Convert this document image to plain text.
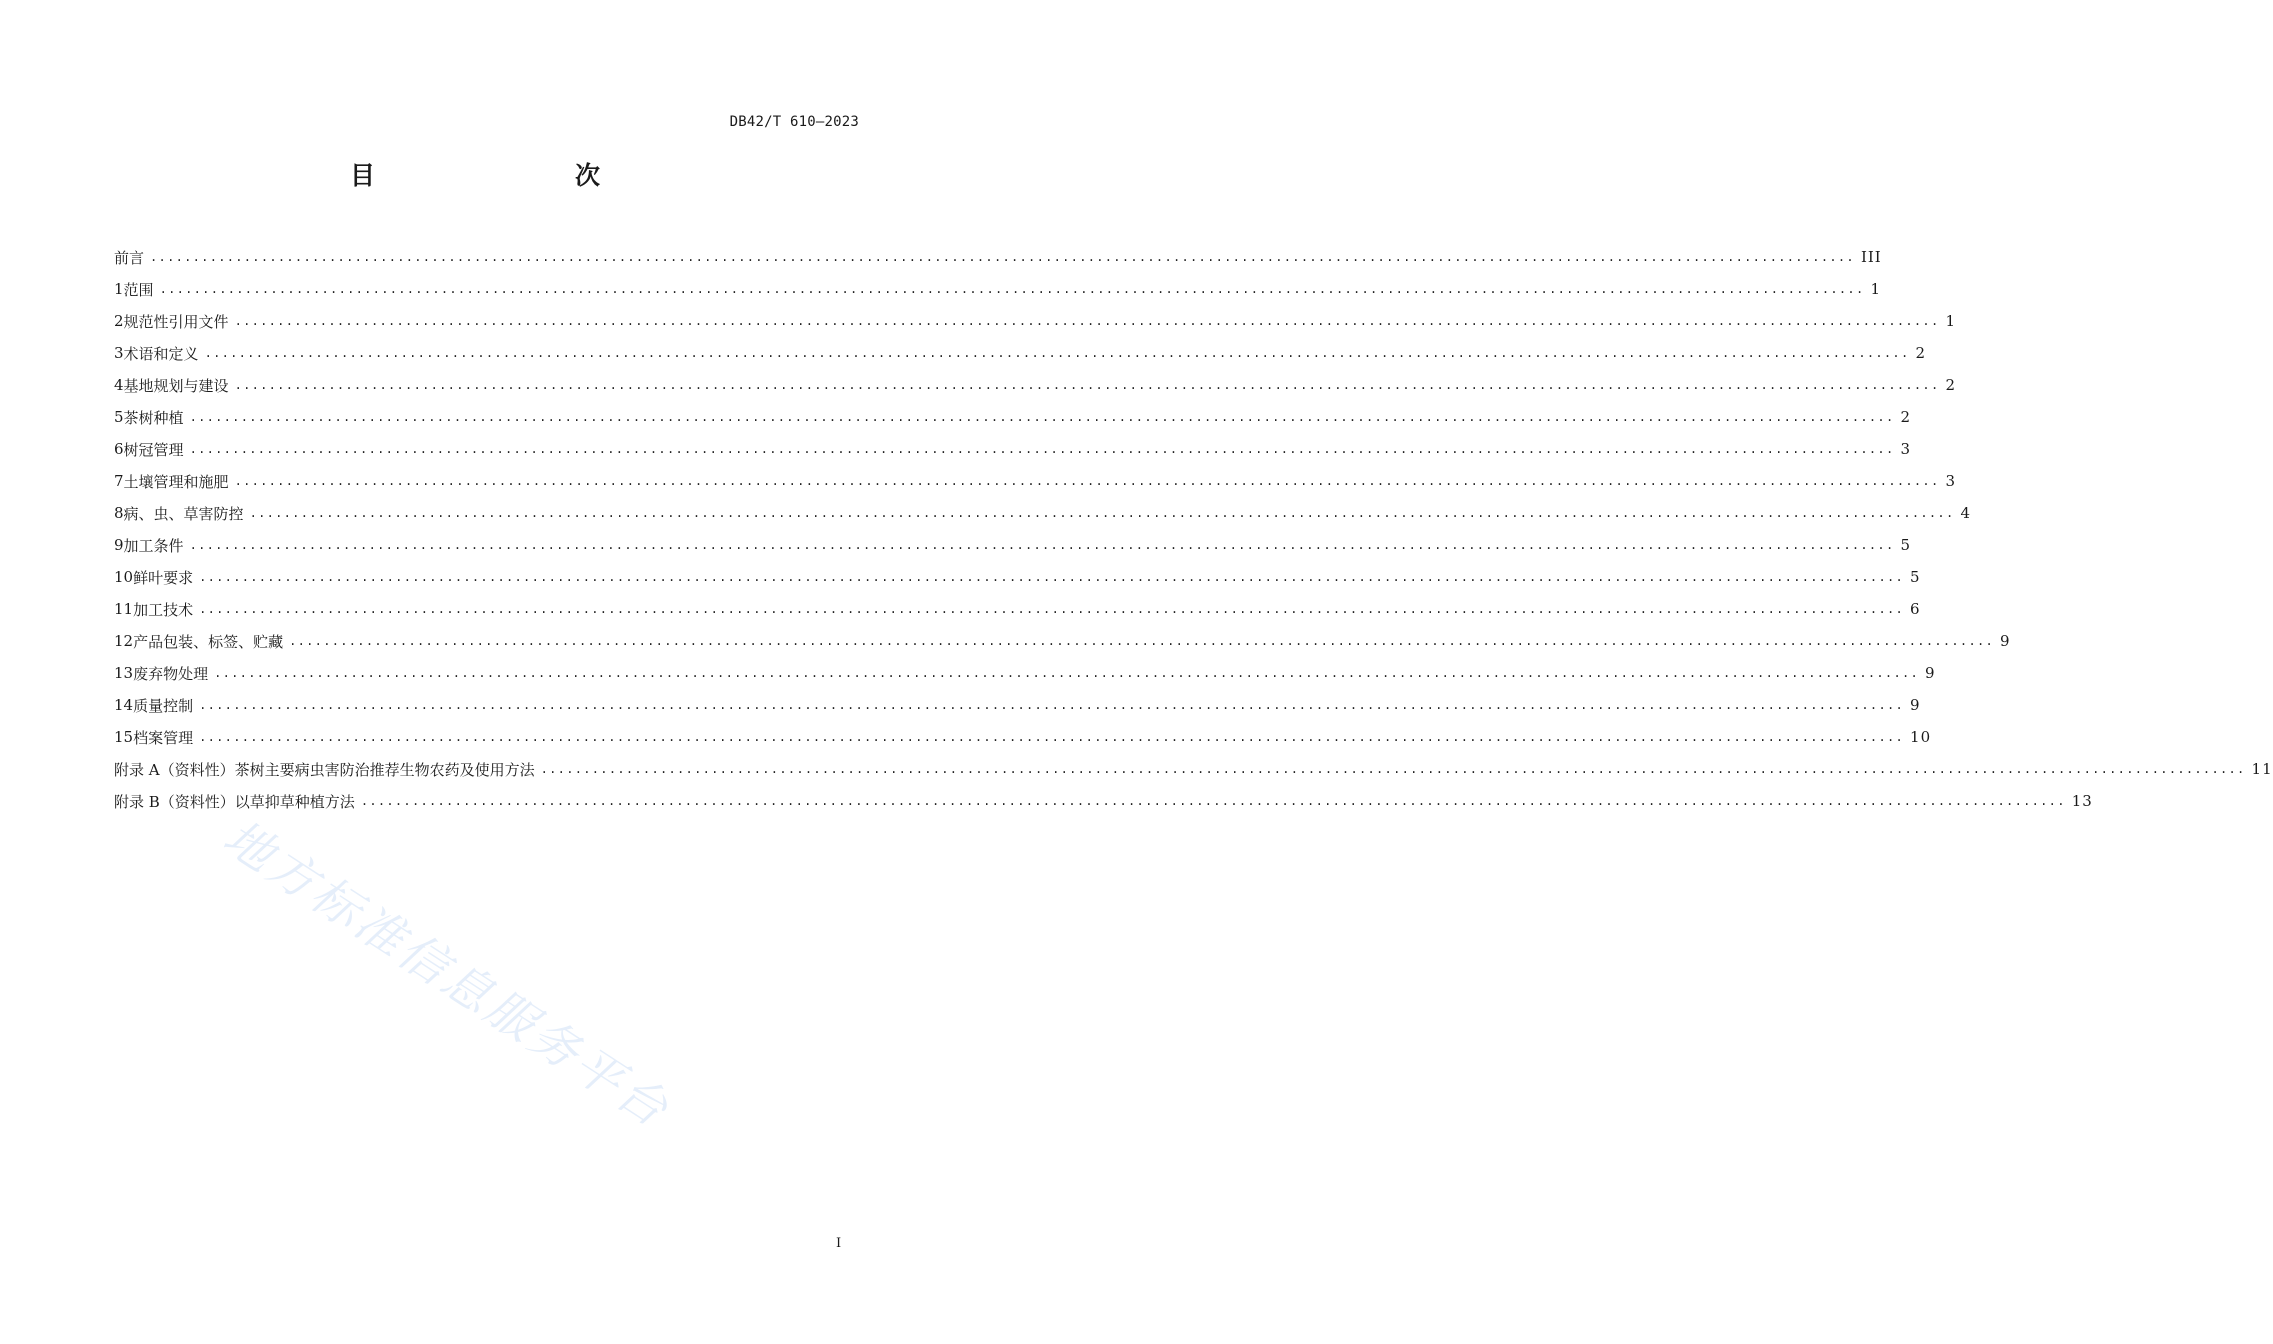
DB42/T 610—2023
目　　次
前言 ........................................................................................................................................................................................................ III
1 范围 ........................................................................................................................................................................................................ 1
2 规范性引用文件 ........................................................................................................................................................................................................ 1
3 术语和定义 ........................................................................................................................................................................................................ 2
4 基地规划与建设 ........................................................................................................................................................................................................ 2
5 茶树种植 ........................................................................................................................................................................................................ 2
6 树冠管理 ........................................................................................................................................................................................................ 3
7 土壤管理和施肥 ........................................................................................................................................................................................................ 3
8 病、虫、草害防控 ........................................................................................................................................................................................................ 4
9 加工条件 ........................................................................................................................................................................................................ 5
10 鲜叶要求 ........................................................................................................................................................................................................ 5
11 加工技术 ........................................................................................................................................................................................................ 6
12 产品包装、标签、贮藏 ........................................................................................................................................................................................................ 9
13 废弃物处理 ........................................................................................................................................................................................................ 9
14 质量控制 ........................................................................................................................................................................................................ 9
15 档案管理 ........................................................................................................................................................................................................ 10
附录 A（资料性） 茶树主要病虫害防治推荐生物农药及使用方法 ........................................................................................................................................................................................................ 11
附录 B（资料性） 以草抑草种植方法 ........................................................................................................................................................................................................ 13
地方标准信息服务平台
I
